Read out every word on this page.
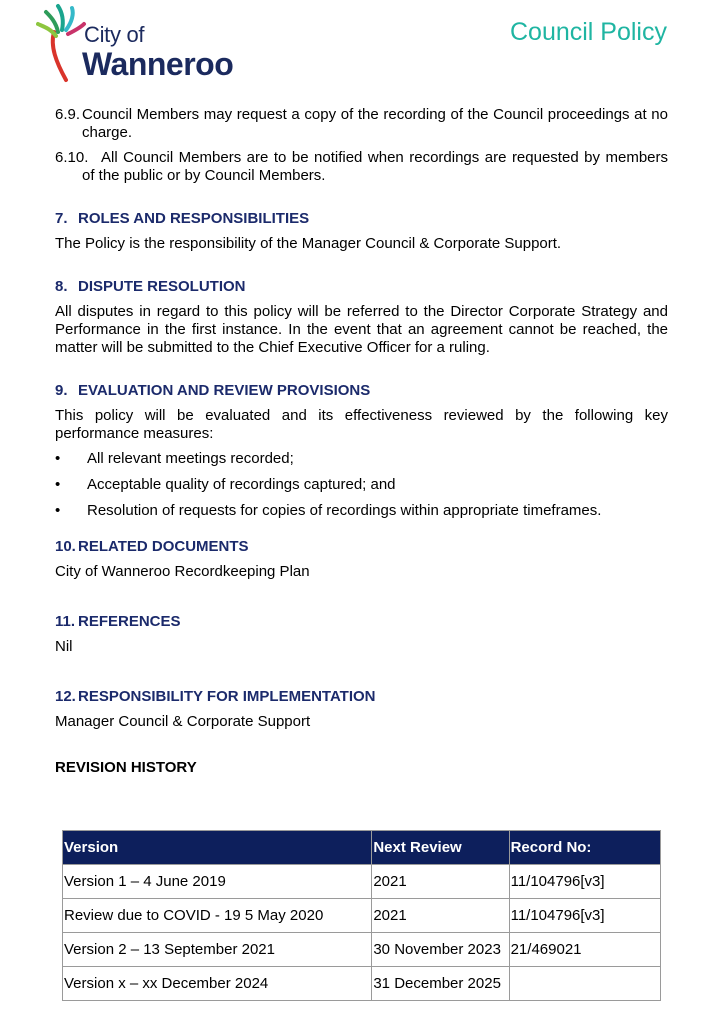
City of
Wanneroo
Council Policy
6.9. Council Members may request a copy of the recording of the Council proceedings at no charge.
6.10. All Council Members are to be notified when recordings are requested by members of the public or by Council Members.
7. ROLES AND RESPONSIBILITIES

The Policy is the responsibility of the Manager Council & Corporate Support.

8. DISPUTE RESOLUTION

All disputes in regard to this policy will be referred to the Director Corporate Strategy and Performance in the first instance. In the event that an agreement cannot be reached, the matter will be submitted to the Chief Executive Officer for a ruling.

9. EVALUATION AND REVIEW PROVISIONS

This policy will be evaluated and its effectiveness reviewed by the following key performance measures:

• All relevant meetings recorded;
• Acceptable quality of recordings captured; and
• Resolution of requests for copies of recordings within appropriate timeframes.
10. RELATED DOCUMENTS

City of Wanneroo Recordkeeping Plan

11. REFERENCES

Nil

12. RESPONSIBILITY FOR IMPLEMENTATION

Manager Council & Corporate Support

REVISION HISTORY
Version	Next Review	Record No:
Version 1 – 4 June 2019	2021	11/104796[v3]
Review due to COVID - 19 5 May 2020	2021	11/104796[v3]
Version 2 – 13 September 2021	30 November 2023	21/469021
Version x – xx December 2024	31 December 2025	
